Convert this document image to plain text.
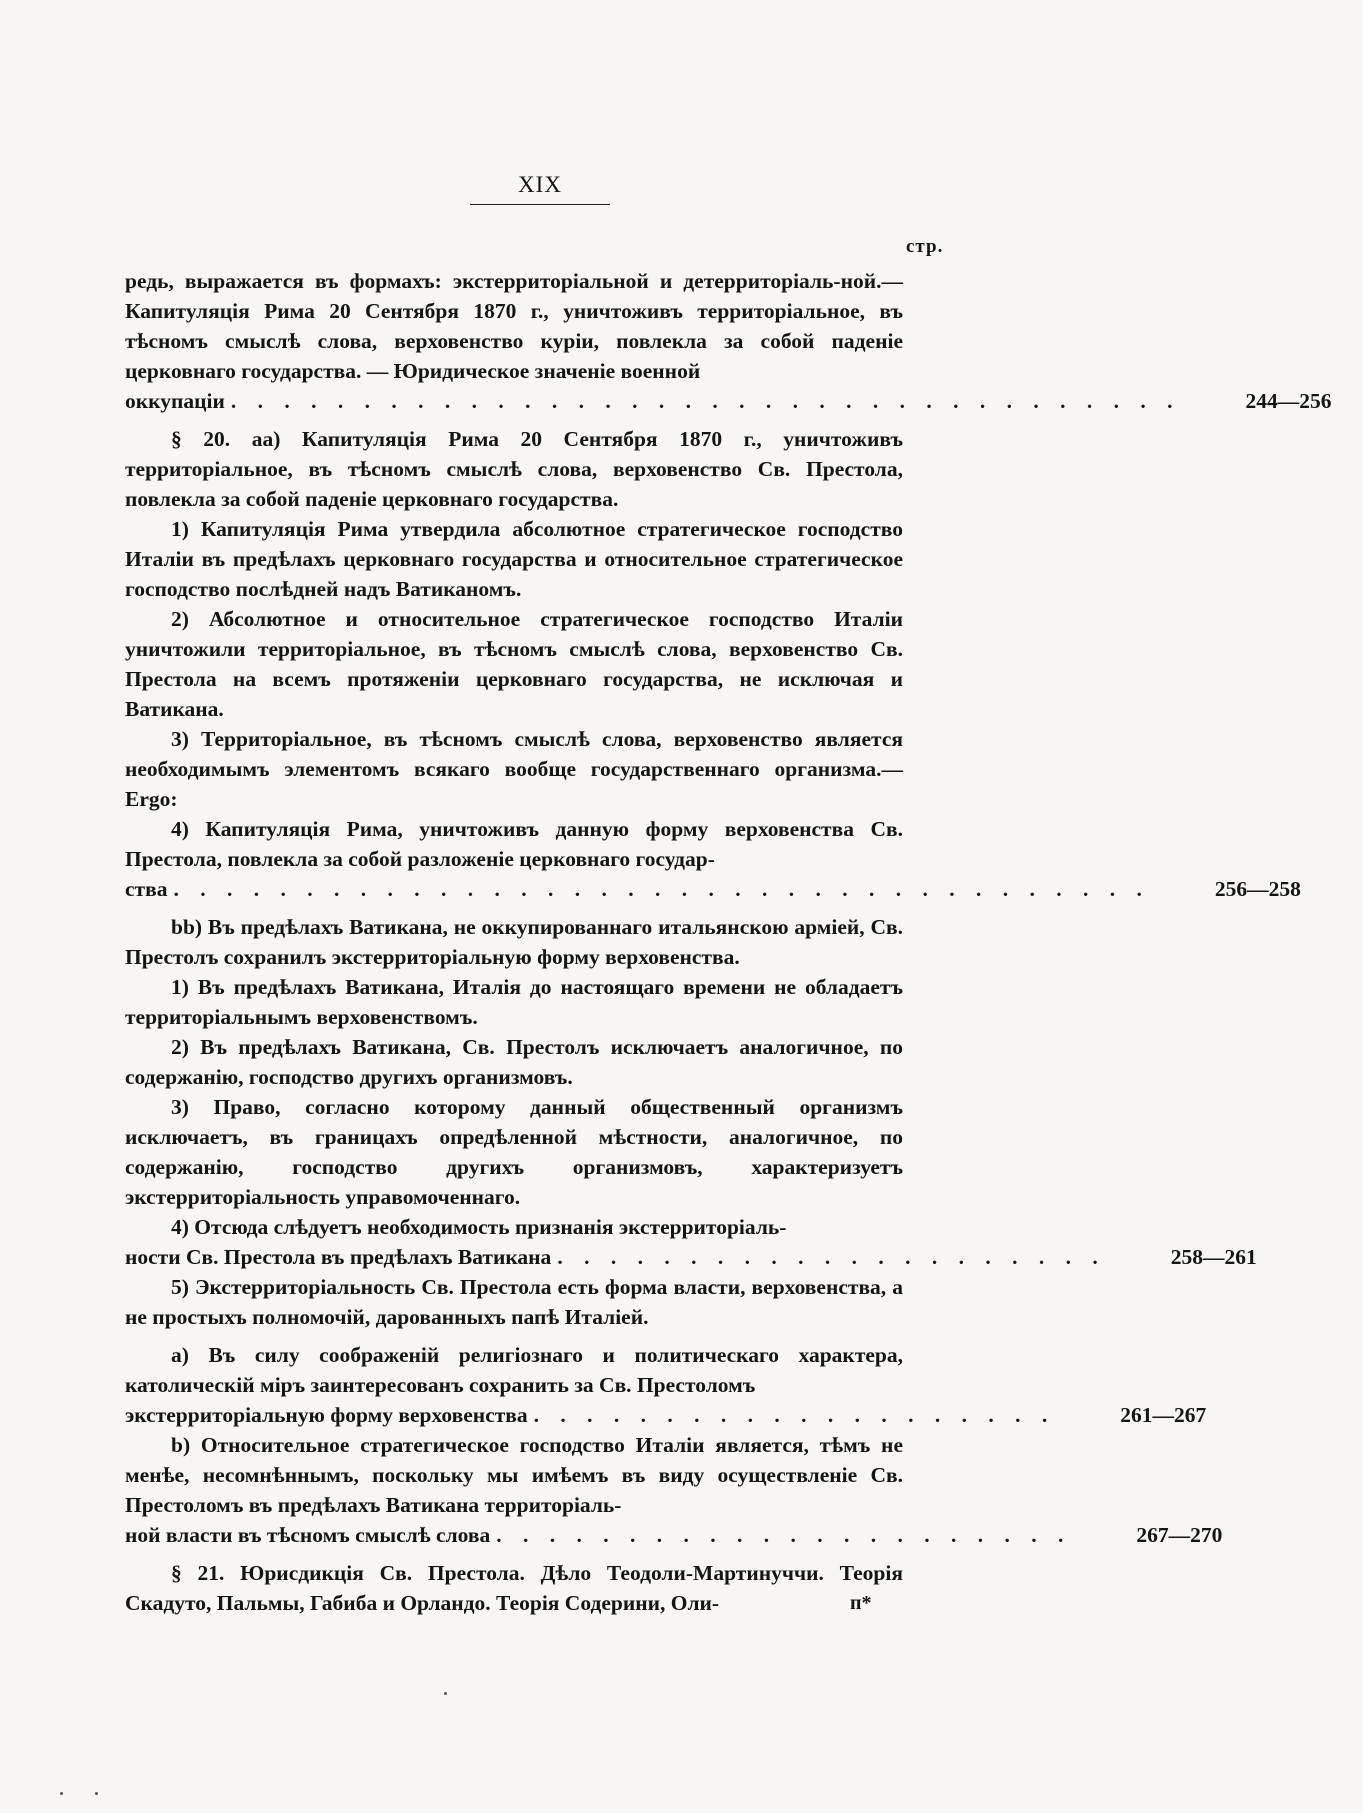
XIX
стр.
редь, выражается въ формахъ: экстерриторіальной и детерриторіаль-ной.—Капитуляція Рима 20 Сентября 1870 г., уничтоживъ территоріальное, въ тѣсномъ смыслѣ слова, верховенство куріи, повлекла за собой паденіе церковнаго государства. — Юридическое значеніе военной
оккупаціи . . . . . . . . . . . . . . . . . . . . . . . . . . . . . . . . . . . .	244—256

§ 20. аа) Капитуляція Рима 20 Сентября 1870 г., уничтоживъ территоріальное, въ тѣсномъ смыслѣ слова, верховенство Св. Престола, повлекла за собой паденіе церковнаго государства.

1) Капитуляція Рима утвердила абсолютное стратегическое господство Италіи въ предѣлахъ церковнаго государства и относительное стратегическое господство послѣдней надъ Ватиканомъ.

2) Абсолютное и относительное стратегическое господство Италіи уничтожили территоріальное, въ тѣсномъ смыслѣ слова, верховенство Св. Престола на всемъ протяженіи церковнаго государства, не исключая и Ватикана.

3) Территоріальное, въ тѣсномъ смыслѣ слова, верховенство является необходимымъ элементомъ всякаго вообще государственнаго организма.—Ergo:

4) Капитуляція Рима, уничтоживъ данную форму верховенства Св. Престола, повлекла за собой разложеніе церковнаго государ-

ства . . . . . . . . . . . . . . . . . . . . . . . . . . . . . . . . . . . . .	256—258

bb) Въ предѣлахъ Ватикана, не оккупированнаго итальянскою арміей, Св. Престолъ сохранилъ экстерриторіальную форму верховенства.

1) Въ предѣлахъ Ватикана, Италія до настоящаго времени не обладаетъ территоріальнымъ верховенствомъ.

2) Въ предѣлахъ Ватикана, Св. Престолъ исключаетъ аналогичное, по содержанію, господство другихъ организмовъ.

3) Право, согласно которому данный общественный организмъ исключаетъ, въ границахъ опредѣленной мѣстности, аналогичное, по содержанію, господство другихъ организмовъ, характеризуетъ экстерриторіальность управомоченнаго.

4) Отсюда слѣдуетъ необходимость признанія экстерриторіаль-

ности Св. Престола въ предѣлахъ Ватикана . . . . . . . . . . . . . . . . . . . . .	258—261

5) Экстерриторіальность Св. Престола есть форма власти, верховенства, а не простыхъ полномочій, дарованныхъ папѣ Италіей.

a) Въ силу соображеній религіознаго и политическаго характера, католическій міръ заинтересованъ сохранить за Св. Престоломъ

экстерриторіальную форму верховенства . . . . . . . . . . . . . . . . . . . .	261—267

b) Относительное стратегическое господство Италіи является, тѣмъ не менѣе, несомнѣннымъ, поскольку мы имѣемъ въ виду осуществленіе Св. Престоломъ въ предѣлахъ Ватикана территоріаль-

ной власти въ тѣсномъ смыслѣ слова . . . . . . . . . . . . . . . . . . . . . .	267—270

§ 21. Юрисдикція Св. Престола. Дѣло Теодоли-Мартинуччи. Теорія Скадуто, Пальмы, Габиба и Орландо. Теорія Содерини, Оли-	п*
